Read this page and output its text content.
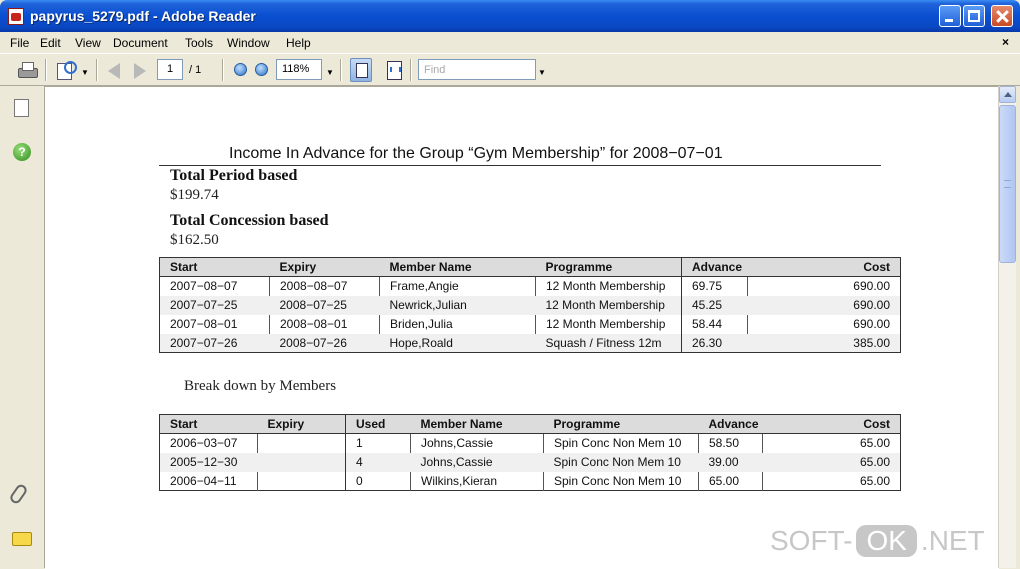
papyrus_5279.pdf - Adobe Reader
File Edit View Document Tools Window Help	×
▼	1	/ 1	118%	▼
Find	▼
?	Income In Advance for the Group “Gym Membership” for 2008−07−01
Total Period based
$199.74
Total Concession based
$162.50
Start	Expiry	Member Name	Programme	Advance	Cost
2007−08−07	2008−08−07	Frame,Angie	12 Month Membership	69.75	690.00
2007−07−25	2008−07−25	Newrick,Julian	12 Month Membership	45.25	690.00
2007−08−01	2008−08−01	Briden,Julia	12 Month Membership	58.44	690.00
2007−07−26	2008−07−26	Hope,Roald	Squash / Fitness 12m	26.30	385.00
Break down by Members
Start	Expiry	Used	Member Name	Programme	Advance	Cost
2006−03−07		1	Johns,Cassie	Spin Conc Non Mem 10	58.50	65.00
2005−12−30		4	Johns,Cassie	Spin Conc Non Mem 10	39.00	65.00
2006−04−11		0	Wilkins,Kieran	Spin Conc Non Mem 10	65.00	65.00
SOFT- OK .NET
